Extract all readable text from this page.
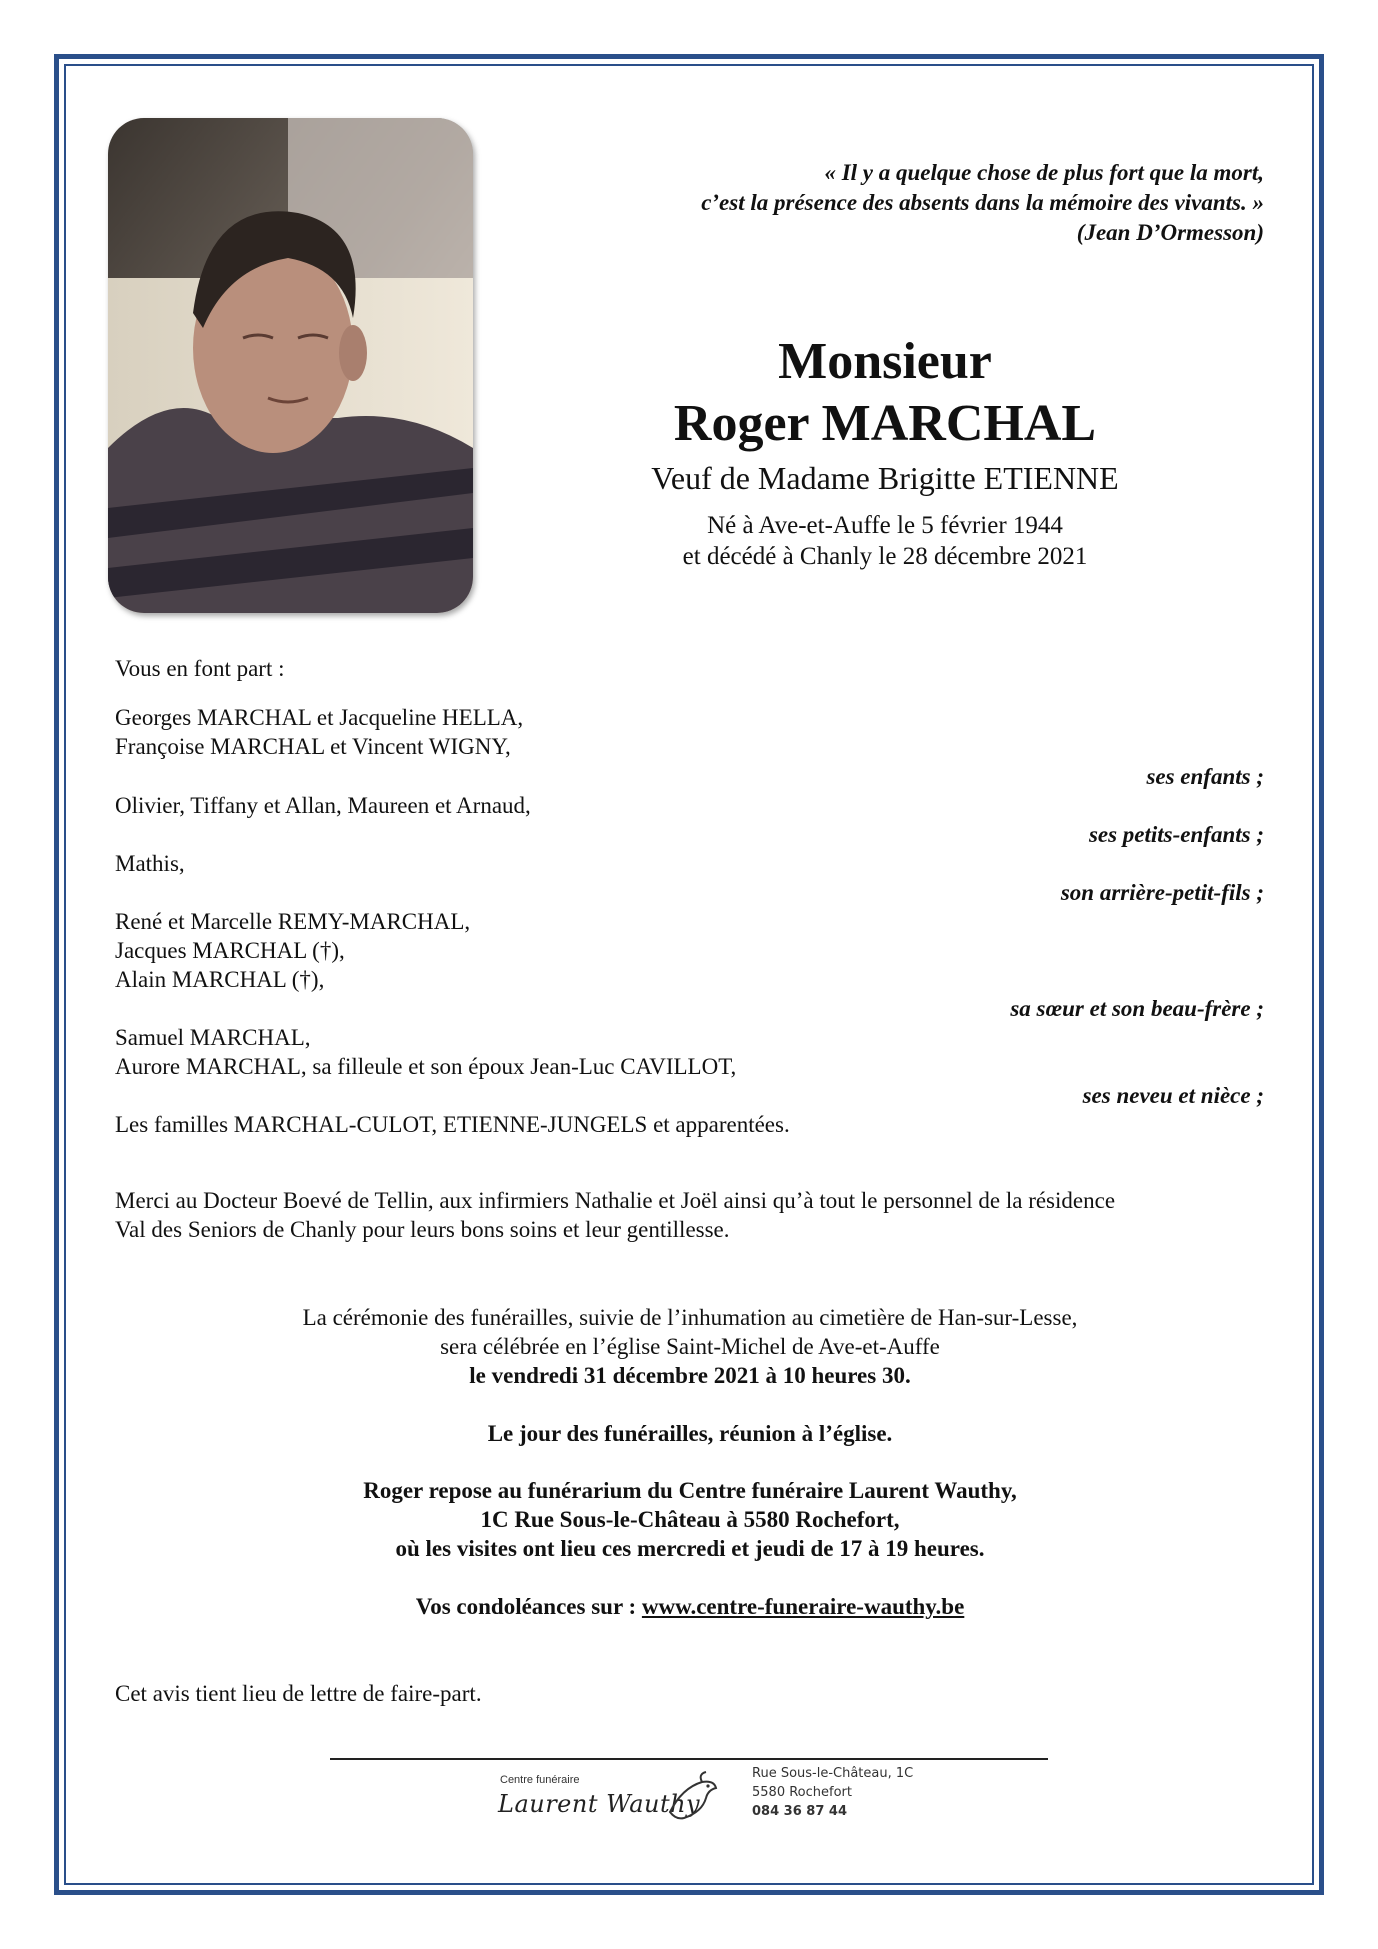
« Il y a quelque chose de plus fort que la mort,
c’est la présence des absents dans la mémoire des vivants. »
(Jean D’Ormesson)
Monsieur
Roger MARCHAL
Veuf de Madame Brigitte ETIENNE
Né à Ave-et-Auffe le 5 février 1944
et décédé à Chanly le 28 décembre 2021
Vous en font part :
Georges MARCHAL et Jacqueline HELLA,
Françoise MARCHAL et Vincent WIGNY,
ses enfants ;
Olivier, Tiffany et Allan, Maureen et Arnaud,
ses petits-enfants ;
Mathis,
son arrière-petit-fils ;
René et Marcelle REMY-MARCHAL,
Jacques MARCHAL (†),
Alain MARCHAL (†),
sa sœur et son beau-frère ;
Samuel MARCHAL,
Aurore MARCHAL, sa filleule et son époux Jean-Luc CAVILLOT,
ses neveu et nièce ;
Les familles MARCHAL-CULOT, ETIENNE-JUNGELS et apparentées.
Merci au Docteur Boevé de Tellin, aux infirmiers Nathalie et Joël ainsi qu’à tout le personnel de la résidence
Val des Seniors de Chanly pour leurs bons soins et leur gentillesse.
La cérémonie des funérailles, suivie de l’inhumation au cimetière de Han-sur-Lesse,
sera célébrée en l’église Saint-Michel de Ave-et-Auffe
le vendredi 31 décembre 2021 à 10 heures 30.
Le jour des funérailles, réunion à l’église.
Roger repose au funérarium du Centre funéraire Laurent Wauthy,
1C Rue Sous-le-Château à 5580 Rochefort,
où les visites ont lieu ces mercredi et jeudi de 17 à 19 heures.
Vos condoléances sur : www.centre-funeraire-wauthy.be
Cet avis tient lieu de lettre de faire-part.
Centre funéraire
Laurent Wauthy
Rue Sous-le-Château, 1C
5580 Rochefort
084 36 87 44
